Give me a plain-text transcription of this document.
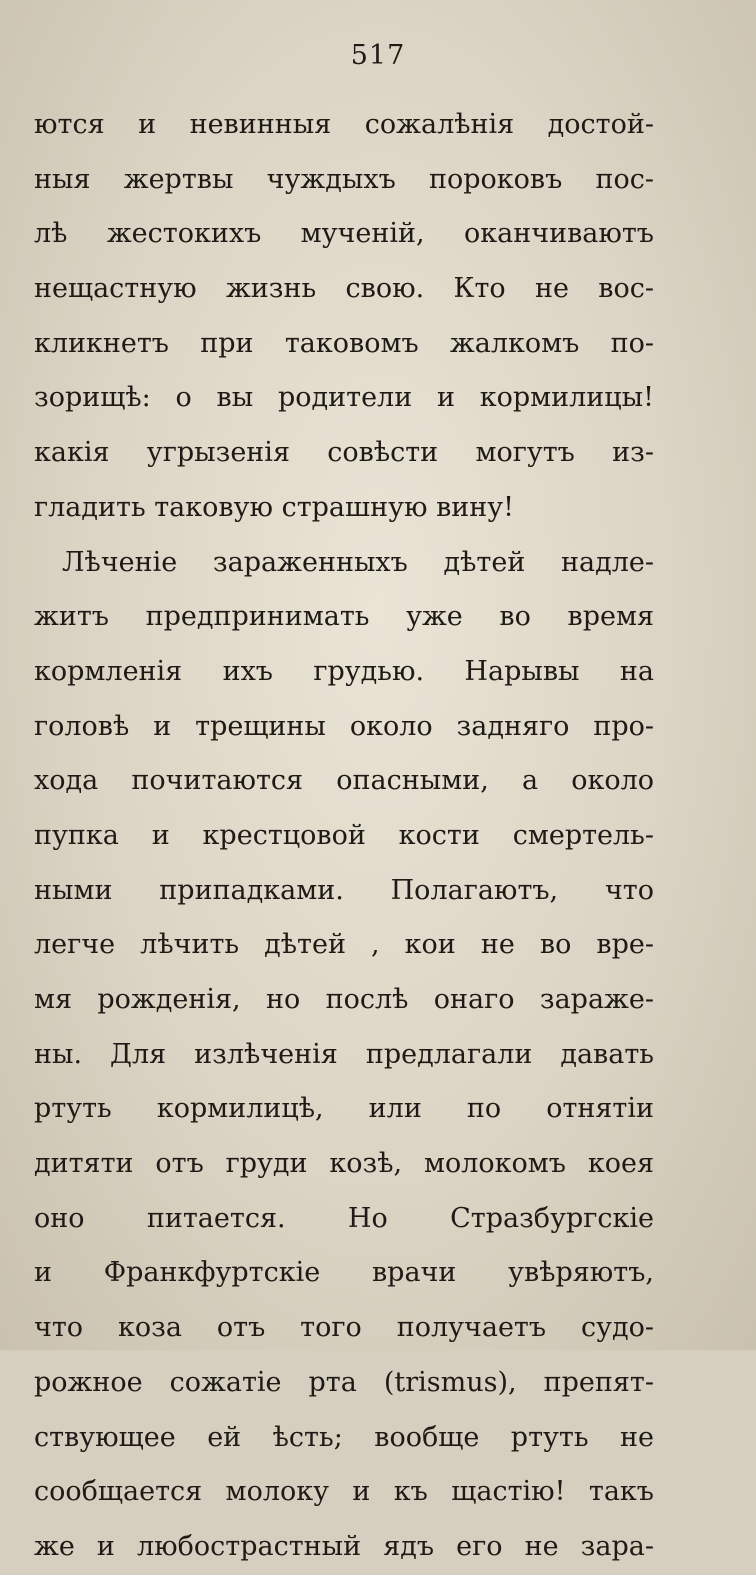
517
ются и невинныя сожалѣнія достой-
ныя жертвы чуждыхъ пороковъ пос-
лѣ жестокихъ мученій, оканчиваютъ
нещастную жизнь свою. Кто не вос-
кликнетъ при таковомъ жалкомъ по-
зорищѣ: о вы родители и кормилицы!
какія угрызенія совѣсти могутъ из-
гладить таковую страшную вину!
Лѣченіе зараженныхъ дѣтей надле-
житъ предпринимать уже во время
кормленія ихъ грудью. Нарывы на
головѣ и трещины около задняго про-
хода почитаются опасными, а около
пупка и крестцовой кости смертель-
ными припадками. Полагаютъ, что
легче лѣчить дѣтей , кои не во вре-
мя рожденія, но послѣ онаго зараже-
ны. Для излѣченія предлагали давать
ртуть кормилицѣ, или по отнятіи
дитяти отъ груди козѣ, молокомъ коея
оно питается. Но Стразбургскіе
и Франкфуртскіе врачи увѣряютъ,
что коза отъ того получаетъ судо-
рожное сожатіе рта (trismus), препят-
ствующее ей ѣсть; вообще ртуть не
сообщается молоку и къ щастію! такъ
же и любострастный ядъ его не зара-
